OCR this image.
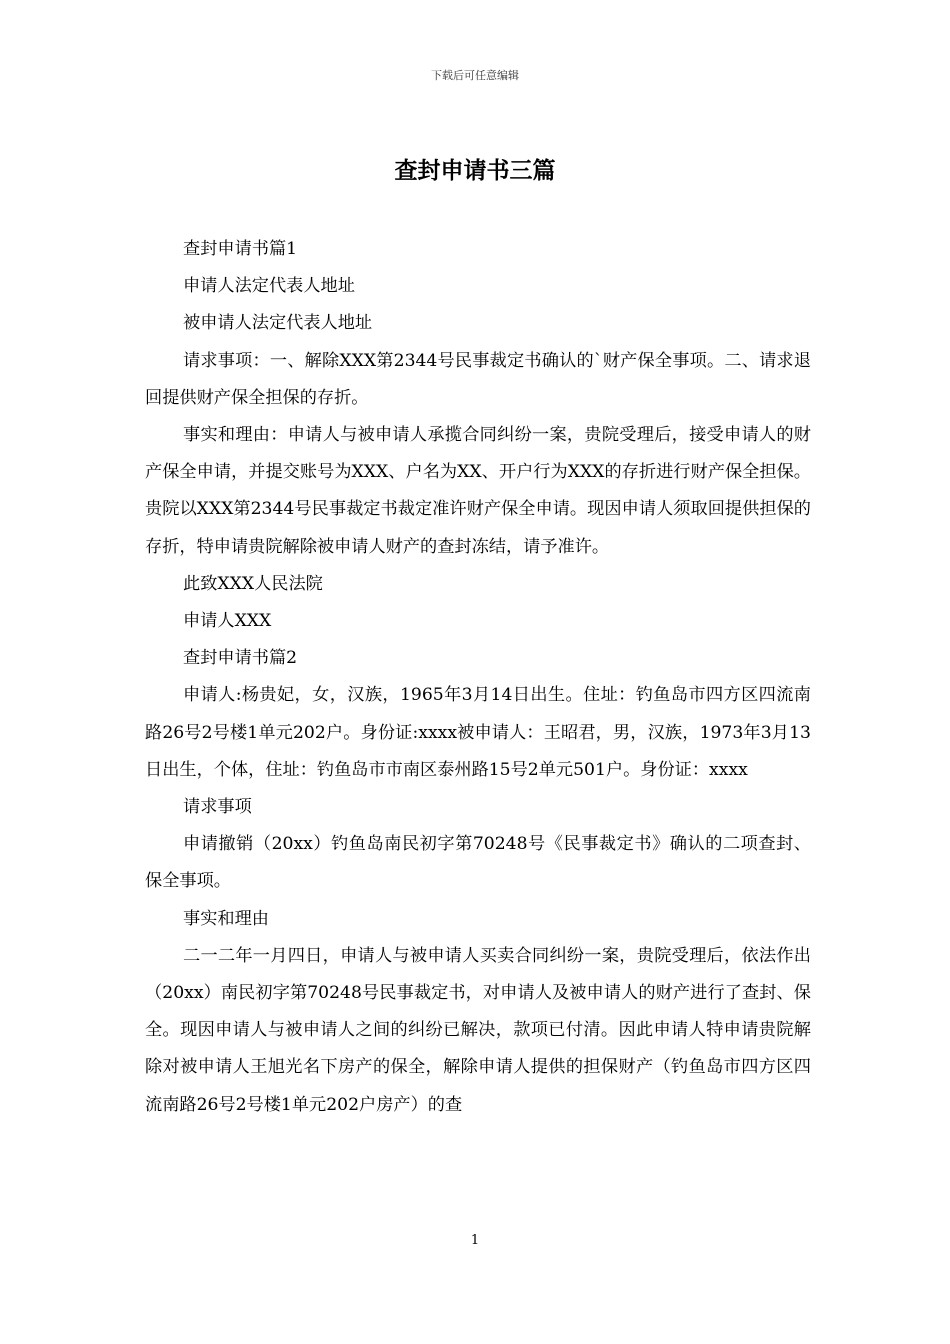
下载后可任意编辑
查封申请书三篇

查封申请书篇1

申请人法定代表人地址

被申请人法定代表人地址

请求事项：一、解除XXX第2344号民事裁定书确认的`财产保全事项。二、请求退回提供财产保全担保的存折。

事实和理由：申请人与被申请人承揽合同纠纷一案，贵院受理后，接受申请人的财产保全申请，并提交账号为XXX、户名为XX、开户行为XXX的存折进行财产保全担保。贵院以XXX第2344号民事裁定书裁定准许财产保全申请。现因申请人须取回提供担保的存折，特申请贵院解除被申请人财产的查封冻结，请予准许。

此致XXX人民法院

申请人XXX

查封申请书篇2

申请人:杨贵妃，女，汉族，1965年3月14日出生。住址：钓鱼岛市四方区四流南路26号2号楼1单元202户。身份证:xxxx被申请人：王昭君，男，汉族，1973年3月13日出生，个体，住址：钓鱼岛市市南区泰州路15号2单元501户。身份证：xxxx

请求事项

申请撤销（20xx）钓鱼岛南民初字第70248号《民事裁定书》确认的二项查封、保全事项。

事实和理由

二一二年一月四日，申请人与被申请人买卖合同纠纷一案，贵院受理后，依法作出（20xx）南民初字第70248号民事裁定书，对申请人及被申请人的财产进行了查封、保全。现因申请人与被申请人之间的纠纷已解决，款项已付清。因此申请人特申请贵院解除对被申请人王旭光名下房产的保全，解除申请人提供的担保财产（钓鱼岛市四方区四流南路26号2号楼1单元202户房产）的查

1
